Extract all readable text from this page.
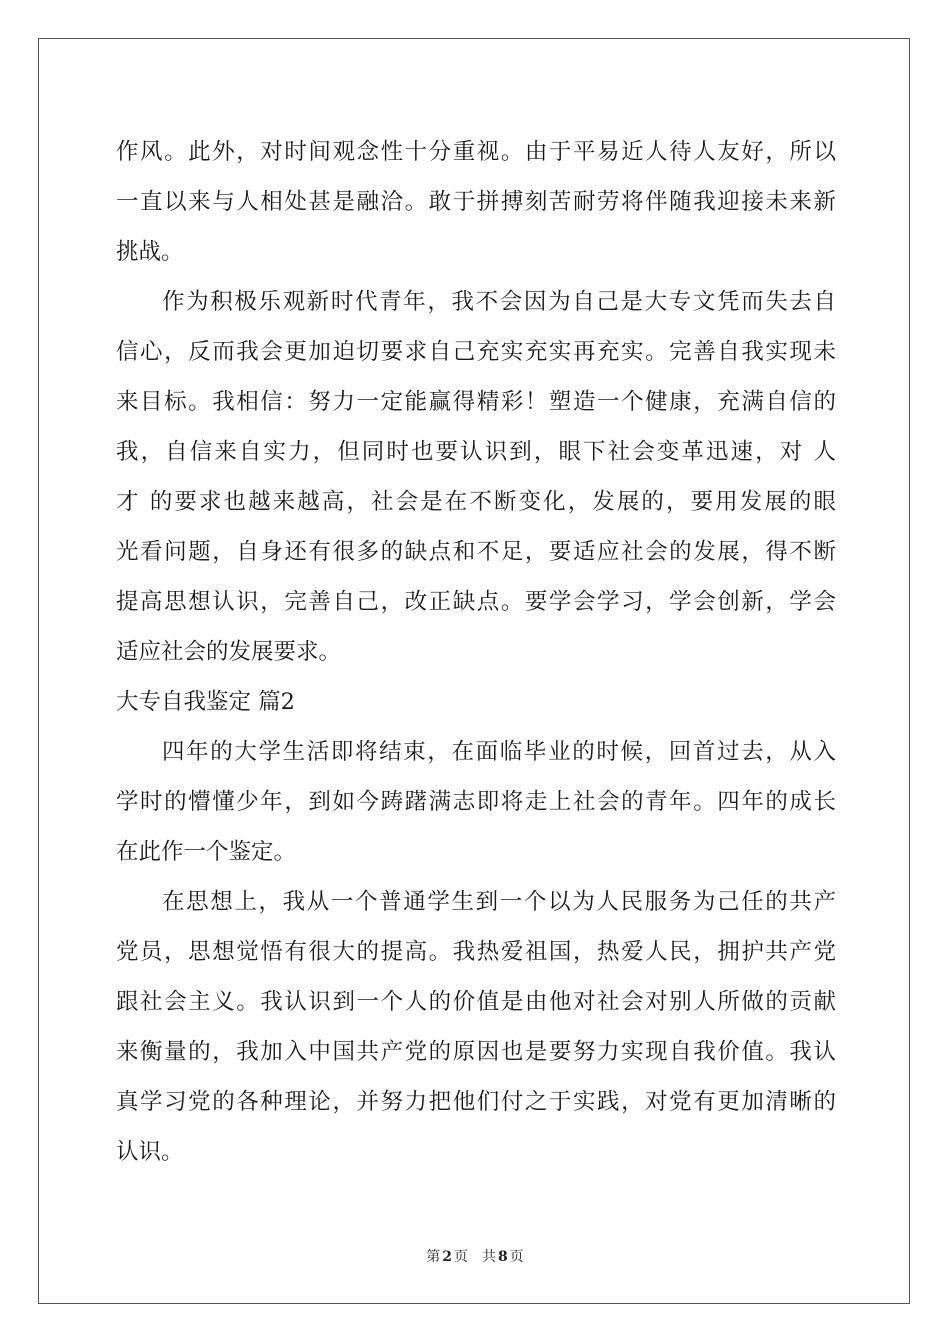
作风。此外，对时间观念性十分重视。由于平易近人待人友好，所以
一直以来与人相处甚是融洽。敢于拼搏刻苦耐劳将伴随我迎接未来新
挑战。
作为积极乐观新时代青年，我不会因为自己是大专文凭而失去自
信心，反而我会更加迫切要求自己充实充实再充实。完善自我实现未
来目标。我相信：努力一定能赢得精彩！塑造一个健康，充满自信的
我，自信来自实力，但同时也要认识到，眼下社会变革迅速，对 人
才 的要求也越来越高，社会是在不断变化，发展的，要用发展的眼
光看问题，自身还有很多的缺点和不足，要适应社会的发展，得不断
提高思想认识，完善自己，改正缺点。要学会学习，学会创新，学会
适应社会的发展要求。
大专自我鉴定 篇2
四年的大学生活即将结束，在面临毕业的时候，回首过去，从入
学时的懵懂少年，到如今踌躇满志即将走上社会的青年。四年的成长
在此作一个鉴定。
在思想上，我从一个普通学生到一个以为人民服务为己任的共产
党员，思想觉悟有很大的提高。我热爱祖国，热爱人民，拥护共产党
跟社会主义。我认识到一个人的价值是由他对社会对别人所做的贡献
来衡量的，我加入中国共产党的原因也是要努力实现自我价值。我认
真学习党的各种理论，并努力把他们付之于实践，对党有更加清晰的
认识。
第 2 页 共 8 页
